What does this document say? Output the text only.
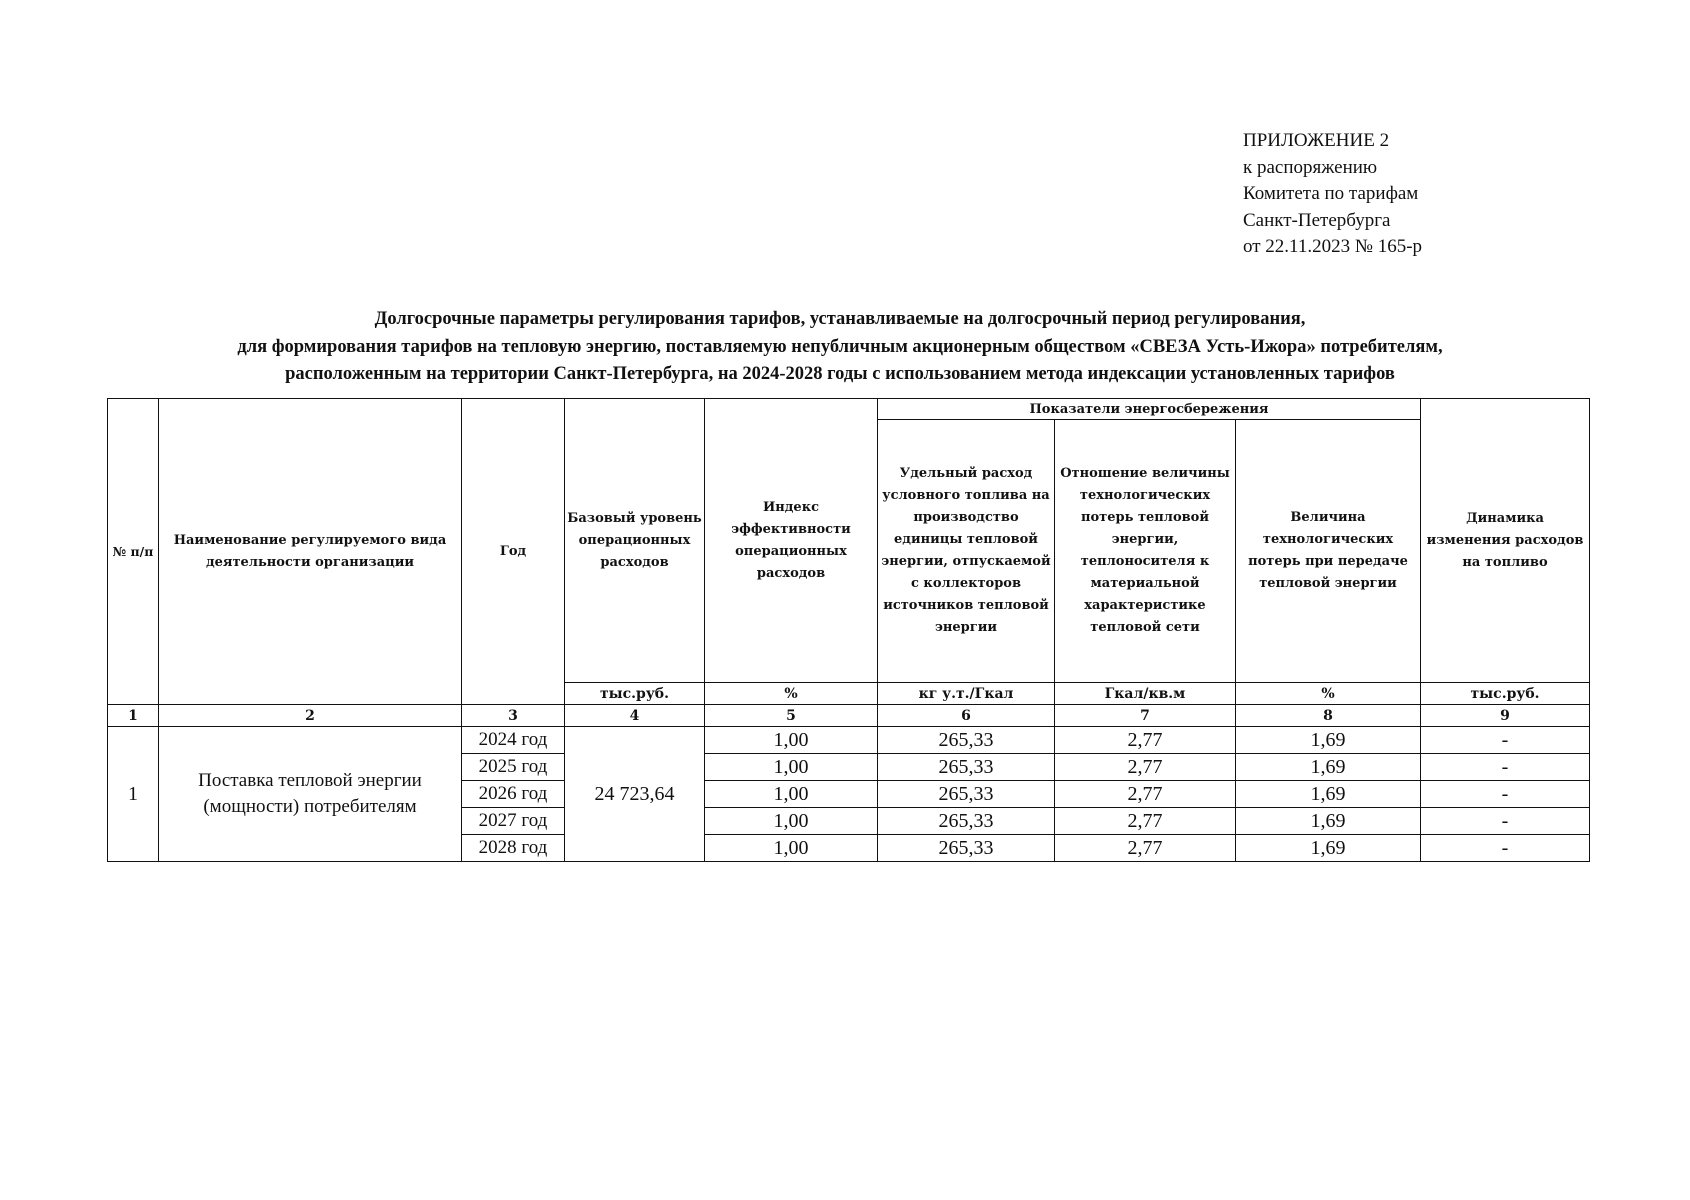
ПРИЛОЖЕНИЕ 2
к распоряжению
Комитета по тарифам
Санкт-Петербурга
от 22.11.2023 № 165-р
Долгосрочные параметры регулирования тарифов, устанавливаемые на долгосрочный период регулирования,
для формирования тарифов на тепловую энергию, поставляемую непубличным акционерным обществом «СВЕЗА Усть-Ижора» потребителям,
расположенным на территории Санкт-Петербурга, на 2024-2028 годы с использованием метода индексации установленных тарифов
№ п/п	Наименование регулируемого вида деятельности организации	Год	Базовый уровень операционных расходов	Индекс эффективности операционных расходов	Показатели энергосбережения			Динамика изменения расходов на топливо
					Удельный расход условного топлива на производство единицы тепловой энергии, отпускаемой с коллекторов источников тепловой энергии	Отношение величины технологических потерь тепловой энергии, теплоносителя к материальной характеристике тепловой сети	Величина технологических потерь при передаче тепловой энергии	
			тыс.руб.	%	кг у.т./Гкал	Гкал/кв.м	%	тыс.руб.
1	2	3	4	5	6	7	8	9
1	Поставка тепловой энергии (мощности) потребителям	2024 год	24 723,64	1,00	265,33	2,77	1,69	-
		2025 год		1,00	265,33	2,77	1,69	-
		2026 год		1,00	265,33	2,77	1,69	-
		2027 год		1,00	265,33	2,77	1,69	-
		2028 год		1,00	265,33	2,77	1,69	-
